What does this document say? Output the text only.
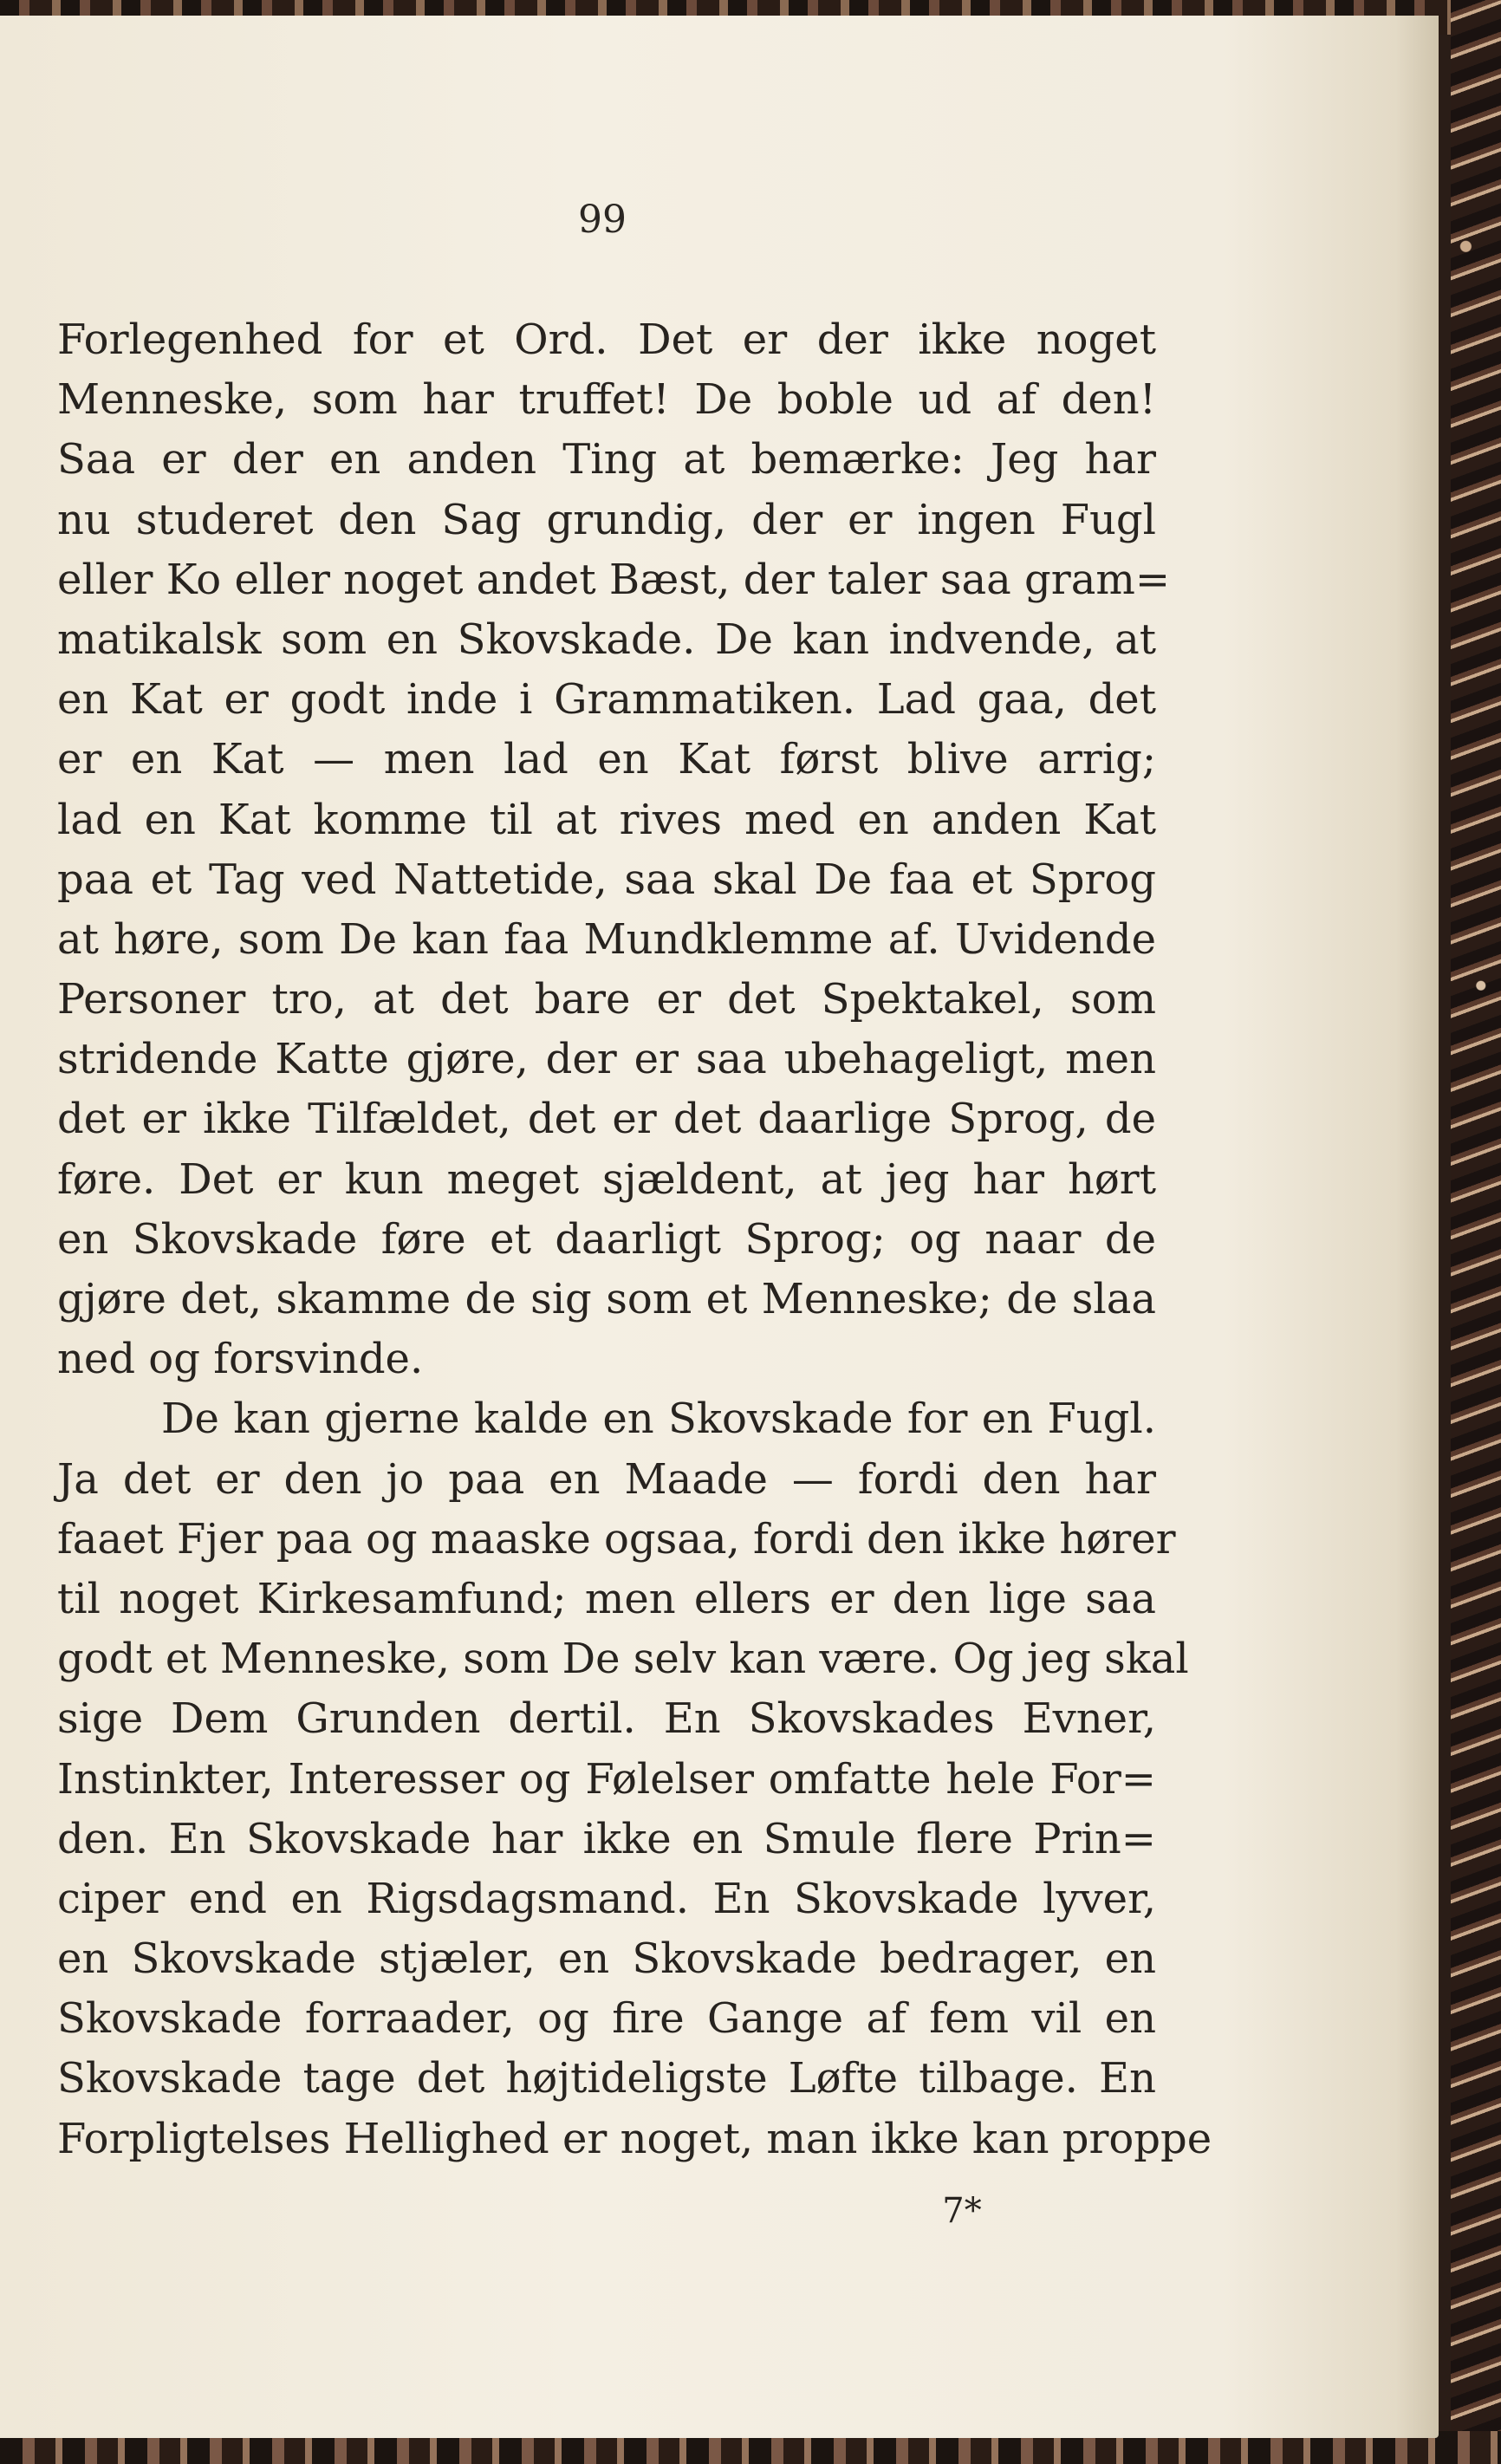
99
Forlegenhed for et Ord. Det er der ikke noget
Menneske, som har truffet! De boble ud af den!
Saa er der en anden Ting at bemærke: Jeg har
nu studeret den Sag grundig, der er ingen Fugl
eller Ko eller noget andet Bæst, der taler saa gram=
matikalsk som en Skovskade. De kan indvende, at
en Kat er godt inde i Grammatiken. Lad gaa, det
er en Kat — men lad en Kat først blive arrig;
lad en Kat komme til at rives med en anden Kat
paa et Tag ved Nattetide, saa skal De faa et Sprog
at høre, som De kan faa Mundklemme af. Uvidende
Personer tro, at det bare er det Spektakel, som
stridende Katte gjøre, der er saa ubehageligt, men
det er ikke Tilfældet, det er det daarlige Sprog, de
føre. Det er kun meget sjældent, at jeg har hørt
en Skovskade føre et daarligt Sprog; og naar de
gjøre det, skamme de sig som et Menneske; de slaa
ned og forsvinde.
De kan gjerne kalde en Skovskade for en Fugl.
Ja det er den jo paa en Maade — fordi den har
faaet Fjer paa og maaske ogsaa, fordi den ikke hører
til noget Kirkesamfund; men ellers er den lige saa
godt et Menneske, som De selv kan være. Og jeg skal
sige Dem Grunden dertil. En Skovskades Evner,
Instinkter, Interesser og Følelser omfatte hele For=
den. En Skovskade har ikke en Smule flere Prin=
ciper end en Rigsdagsmand. En Skovskade lyver,
en Skovskade stjæler, en Skovskade bedrager, en
Skovskade forraader, og fire Gange af fem vil en
Skovskade tage det højtideligste Løfte tilbage. En
Forpligtelses Hellighed er noget, man ikke kan proppe
7*
